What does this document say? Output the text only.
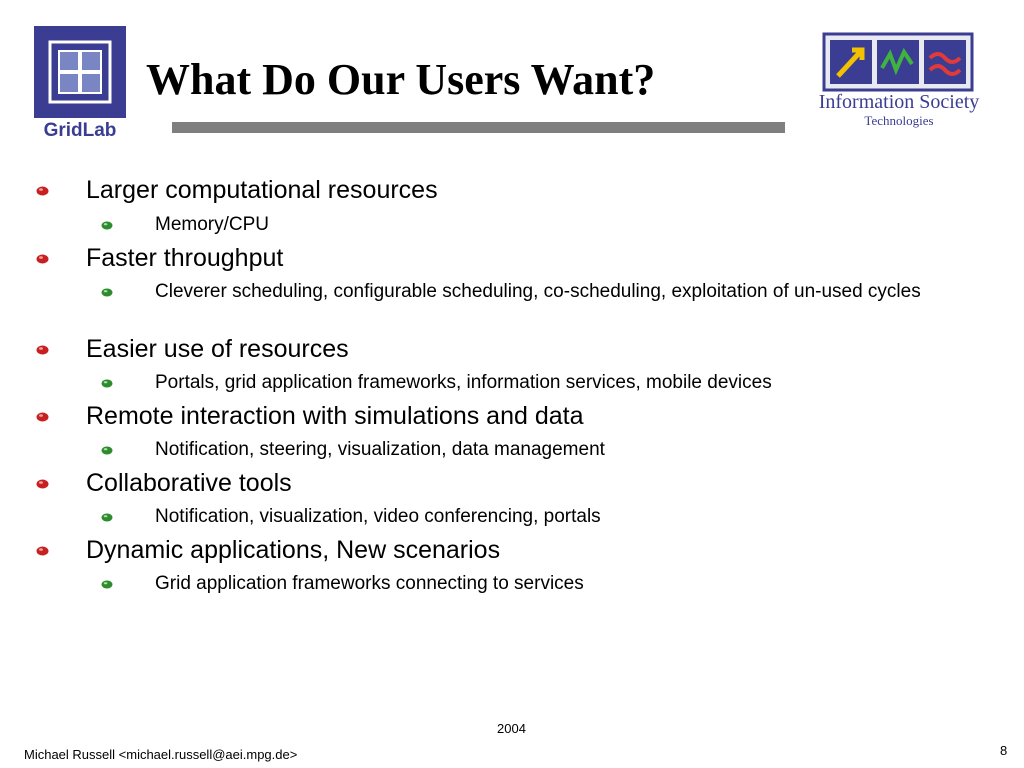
GridLab
What Do Our Users Want?	Information Society
Technologies
Larger computational resources
Memory/CPU
Faster throughput
Cleverer scheduling, configurable scheduling, co-scheduling, exploitation of un-used cycles
Easier use of resources
Portals, grid application frameworks, information services, mobile devices
Remote interaction with simulations and data
Notification, steering, visualization, data management
Collaborative tools
Notification, visualization, video conferencing, portals
Dynamic applications, New scenarios
Grid application frameworks connecting to services
2004
Michael Russell <michael.russell@aei.mpg.de>	8
